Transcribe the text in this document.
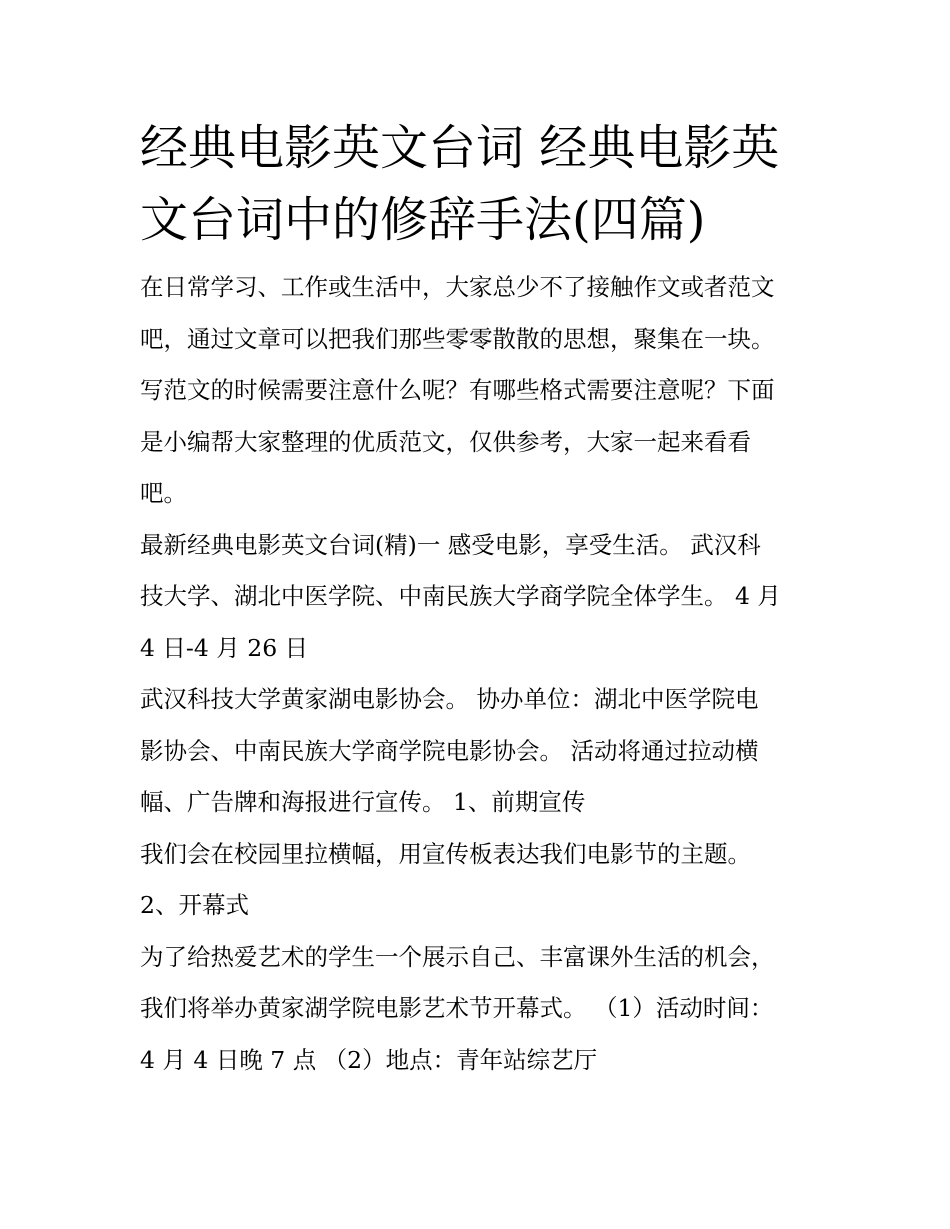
经典电影英文台词 经典电影英

文台词中的修辞手法(四篇)

在日常学习、工作或生活中，大家总少不了接触作文或者范文

吧，通过文章可以把我们那些零零散散的思想，聚集在一块。

写范文的时候需要注意什么呢？有哪些格式需要注意呢？下面

是小编帮大家整理的优质范文，仅供参考，大家一起来看看

吧。

最新经典电影英文台词(精)一 感受电影，享受生活。 武汉科

技大学、湖北中医学院、中南民族大学商学院全体学生。 4 月

4 日-4 月 26 日

武汉科技大学黄家湖电影协会。 协办单位：湖北中医学院电

影协会、中南民族大学商学院电影协会。 活动将通过拉动横

幅、广告牌和海报进行宣传。 1、前期宣传

我们会在校园里拉横幅，用宣传板表达我们电影节的主题。

2、开幕式

为了给热爱艺术的学生一个展示自己、丰富课外生活的机会，

我们将举办黄家湖学院电影艺术节开幕式。 （1）活动时间：

4 月 4 日晚 7 点 （2）地点：青年站综艺厅
